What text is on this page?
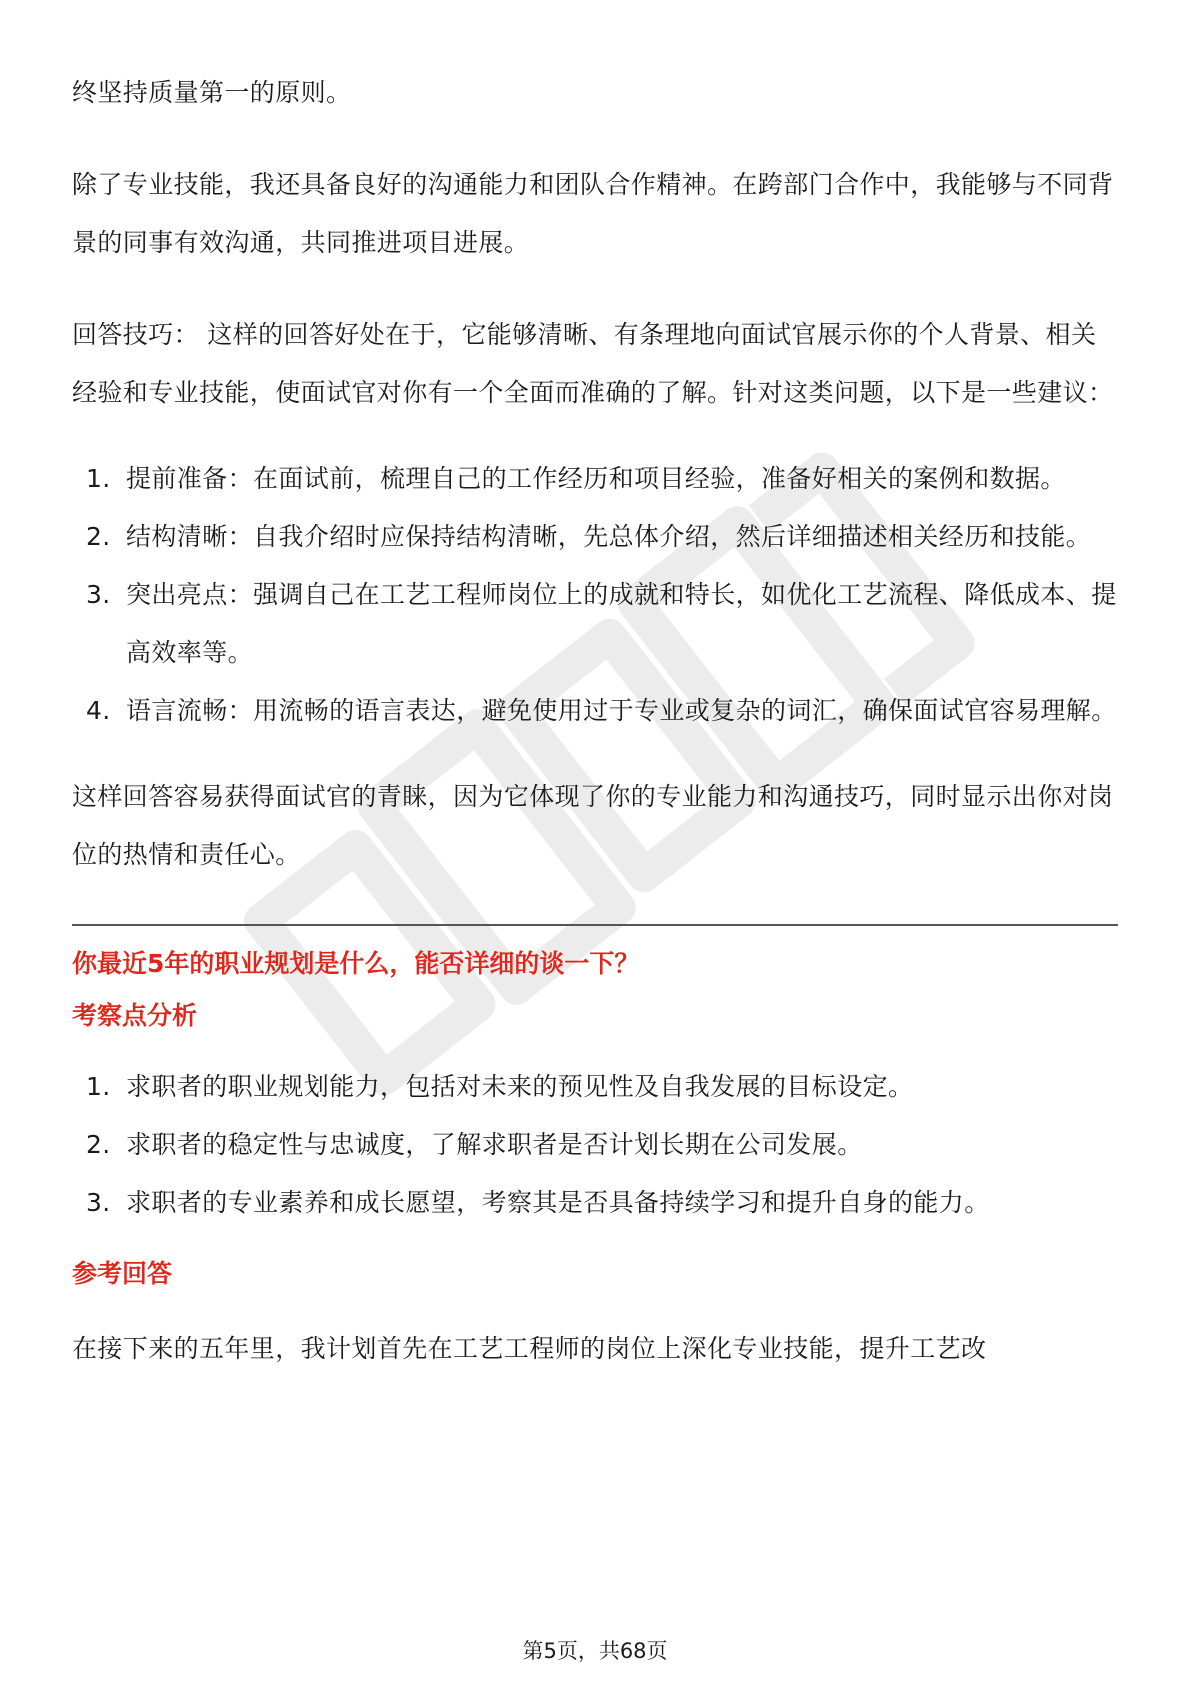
终坚持质量第一的原则。

除了专业技能，我还具备良好的沟通能力和团队合作精神。在跨部门合作中，我能够与不同背景的同事有效沟通，共同推进项目进展。

回答技巧： 这样的回答好处在于，它能够清晰、有条理地向面试官展示你的个人背景、相关经验和专业技能，使面试官对你有一个全面而准确的了解。针对这类问题，以下是一些建议：

1. 提前准备：在面试前，梳理自己的工作经历和项目经验，准备好相关的案例和数据。
2. 结构清晰：自我介绍时应保持结构清晰，先总体介绍，然后详细描述相关经历和技能。
3. 突出亮点：强调自己在工艺工程师岗位上的成就和特长，如优化工艺流程、降低成本、提高效率等。
4. 语言流畅：用流畅的语言表达，避免使用过于专业或复杂的词汇，确保面试官容易理解。

这样回答容易获得面试官的青睐，因为它体现了你的专业能力和沟通技巧，同时显示出你对岗位的热情和责任心。

你最近5年的职业规划是什么，能否详细的谈一下？

考察点分析

1. 求职者的职业规划能力，包括对未来的预见性及自我发展的目标设定。
2. 求职者的稳定性与忠诚度，了解求职者是否计划长期在公司发展。
3. 求职者的专业素养和成长愿望，考察其是否具备持续学习和提升自身的能力。

参考回答

在接下来的五年里，我计划首先在工艺工程师的岗位上深化专业技能，提升工艺改

第5页，共68页
